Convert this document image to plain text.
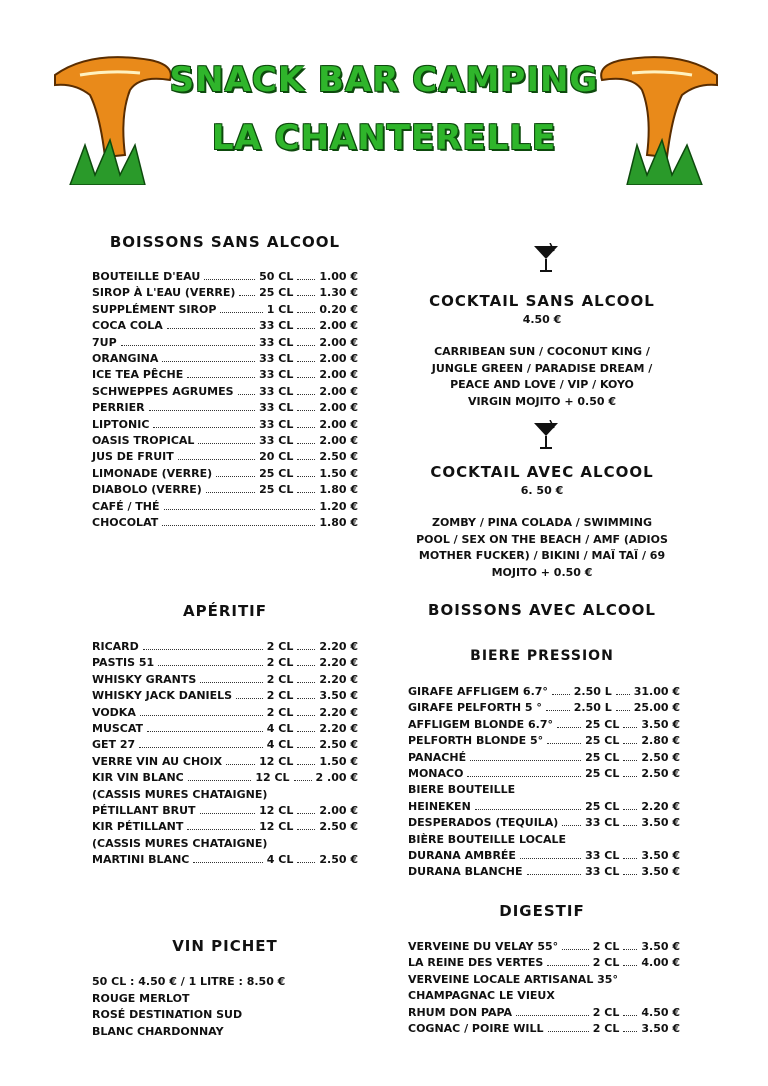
SNACK BAR CAMPING
LA CHANTERELLE
BOISSONS SANS ALCOOL
BOUTEILLE D'EAU	50 CL 1.00 €
SIROP À L'EAU (VERRE) 25 CL 1.30 €
SUPPLÉMENT SIROP	1 CL 0.20 €
COCA COLA	33 CL 2.00 €
7UP	33 CL 2.00 €
ORANGINA	33 CL 2.00 €
ICE TEA PÊCHE	33 CL 2.00 €
SCHWEPPES AGRUMES 33 CL 2.00 €
PERRIER	33 CL 2.00 €
LIPTONIC	33 CL 2.00 €
OASIS TROPICAL	33 CL 2.00 €
JUS DE FRUIT	20 CL 2.50 €
LIMONADE (VERRE)	25 CL 1.50 €
DIABOLO (VERRE)	25 CL 1.80 €
CAFÉ / THÉ	1.20 €
CHOCOLAT	1.80 €
APÉRITIF
RICARD	2 CL 2.20 €
PASTIS 51	2 CL 2.20 €
WHISKY GRANTS	2 CL 2.20 €
WHISKY JACK DANIELS	2 CL 3.50 €
VODKA	2 CL 2.20 €
MUSCAT	4 CL 2.20 €
GET 27	4 CL 2.50 €
VERRE VIN AU CHOIX	12 CL 1.50 €
KIR VIN BLANC	12 CL 2 .00 €
(CASSIS MURES CHATAIGNE)
PÉTILLANT BRUT	12 CL 2.00 €
KIR PÉTILLANT	12 CL 2.50 €
(CASSIS MURES CHATAIGNE)
MARTINI BLANC	4 CL 2.50 €
VIN PICHET
50 CL : 4.50 € / 1 LITRE : 8.50 €
ROUGE MERLOT
ROSÉ DESTINATION SUD
BLANC CHARDONNAY
COCKTAIL SANS ALCOOL
4.50 €
CARRIBEAN SUN / COCONUT KING /
JUNGLE GREEN / PARADISE DREAM /
PEACE AND LOVE / VIP / KOYO
VIRGIN MOJITO + 0.50 €
COCKTAIL AVEC ALCOOL
6. 50 €
ZOMBY / PINA COLADA / SWIMMING
POOL / SEX ON THE BEACH / AMF (ADIOS
MOTHER FUCKER) / BIKINI / MAÏ TAÏ / 69
MOJITO + 0.50 €
BOISSONS AVEC ALCOOL
BIERE PRESSION
GIRAFE AFFLIGEM 6.7° 2.50 L 31.00 €
GIRAFE PELFORTH 5 °	2.50 L 25.00 €
AFFLIGEM BLONDE 6.7°	25 CL 3.50 €
PELFORTH BLONDE 5°	25 CL 2.80 €
PANACHÉ	25 CL 2.50 €
MONACO	25 CL 2.50 €
BIERE BOUTEILLE
HEINEKEN	25 CL 2.20 €
DESPERADOS (TEQUILA) 33 CL 3.50 €
BIÈRE BOUTEILLE LOCALE
DURANA AMBRÉE	33 CL 3.50 €
DURANA BLANCHE	33 CL 3.50 €
DIGESTIF
VERVEINE DU VELAY 55°	2 CL 3.50 €
LA REINE DES VERTES	2 CL 4.00 €
VERVEINE LOCALE ARTISANAL 35°
CHAMPAGNAC LE VIEUX
RHUM DON PAPA	2 CL 4.50 €
COGNAC / POIRE WILL	2 CL 3.50 €
